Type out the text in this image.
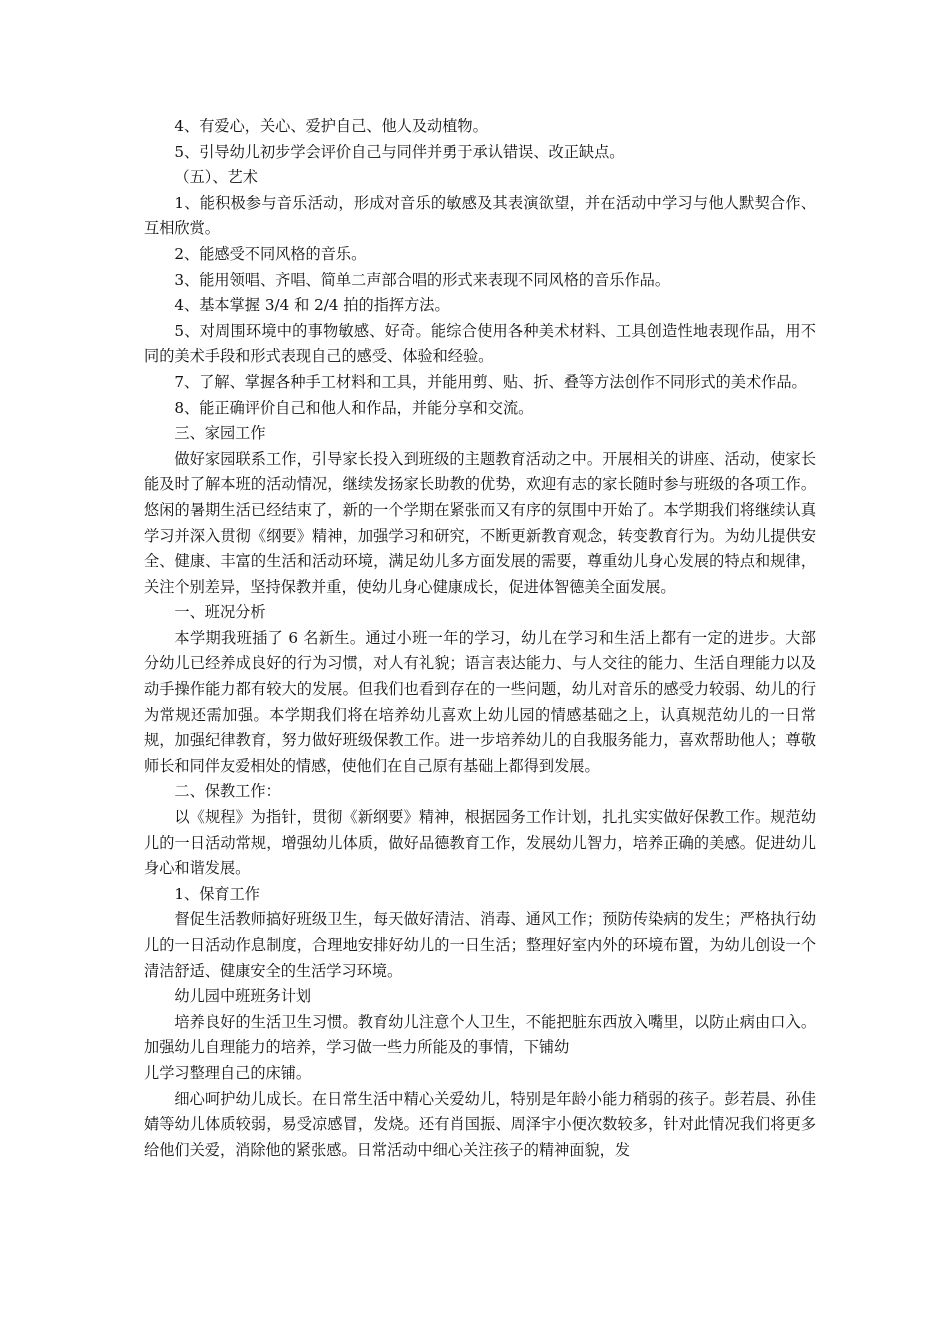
4、有爱心，关心、爱护自己、他人及动植物。

5、引导幼儿初步学会评价自己与同伴并勇于承认错误、改正缺点。

（五）、艺术

1、能积极参与音乐活动，形成对音乐的敏感及其表演欲望，并在活动中学习与他人默契合作、互相欣赏。

2、能感受不同风格的音乐。

3、能用领唱、齐唱、简单二声部合唱的形式来表现不同风格的音乐作品。

4、基本掌握 3/4 和 2/4 拍的指挥方法。

5、对周围环境中的事物敏感、好奇。能综合使用各种美术材料、工具创造性地表现作品，用不同的美术手段和形式表现自己的感受、体验和经验。

7、了解、掌握各种手工材料和工具，并能用剪、贴、折、叠等方法创作不同形式的美术作品。

8、能正确评价自己和他人和作品，并能分享和交流。

三、家园工作

做好家园联系工作，引导家长投入到班级的主题教育活动之中。开展相关的讲座、活动，使家长能及时了解本班的活动情况，继续发扬家长助教的优势，欢迎有志的家长随时参与班级的各项工作。悠闲的暑期生活已经结束了，新的一个学期在紧张而又有序的氛围中开始了。本学期我们将继续认真学习并深入贯彻《纲要》精神，加强学习和研究，不断更新教育观念，转变教育行为。为幼儿提供安全、健康、丰富的生活和活动环境，满足幼儿多方面发展的需要，尊重幼儿身心发展的特点和规律，关注个别差异，坚持保教并重，使幼儿身心健康成长，促进体智德美全面发展。

一、班况分析

本学期我班插了 6 名新生。通过小班一年的学习，幼儿在学习和生活上都有一定的进步。大部分幼儿已经养成良好的行为习惯，对人有礼貌；语言表达能力、与人交往的能力、生活自理能力以及动手操作能力都有较大的发展。但我们也看到存在的一些问题，幼儿对音乐的感受力较弱、幼儿的行为常规还需加强。本学期我们将在培养幼儿喜欢上幼儿园的情感基础之上，认真规范幼儿的一日常规，加强纪律教育，努力做好班级保教工作。进一步培养幼儿的自我服务能力，喜欢帮助他人；尊敬师长和同伴友爱相处的情感，使他们在自己原有基础上都得到发展。

二、保教工作：

以《规程》为指针，贯彻《新纲要》精神，根据园务工作计划，扎扎实实做好保教工作。规范幼儿的一日活动常规，增强幼儿体质，做好品德教育工作，发展幼儿智力，培养正确的美感。促进幼儿身心和谐发展。

1、保育工作

督促生活教师搞好班级卫生，每天做好清洁、消毒、通风工作；预防传染病的发生；严格执行幼儿的一日活动作息制度，合理地安排好幼儿的一日生活；整理好室内外的环境布置，为幼儿创设一个清洁舒适、健康安全的生活学习环境。

幼儿园中班班务计划

培养良好的生活卫生习惯。教育幼儿注意个人卫生，不能把脏东西放入嘴里，以防止病由口入。加强幼儿自理能力的培养，学习做一些力所能及的事情，下铺幼

儿学习整理自己的床铺。

细心呵护幼儿成长。在日常生活中精心关爱幼儿，特别是年龄小能力稍弱的孩子。彭若晨、孙佳婧等幼儿体质较弱，易受凉感冒，发烧。还有肖国振、周泽宇小便次数较多，针对此情况我们将更多给他们关爱，消除他的紧张感。日常活动中细心关注孩子的精神面貌，发
